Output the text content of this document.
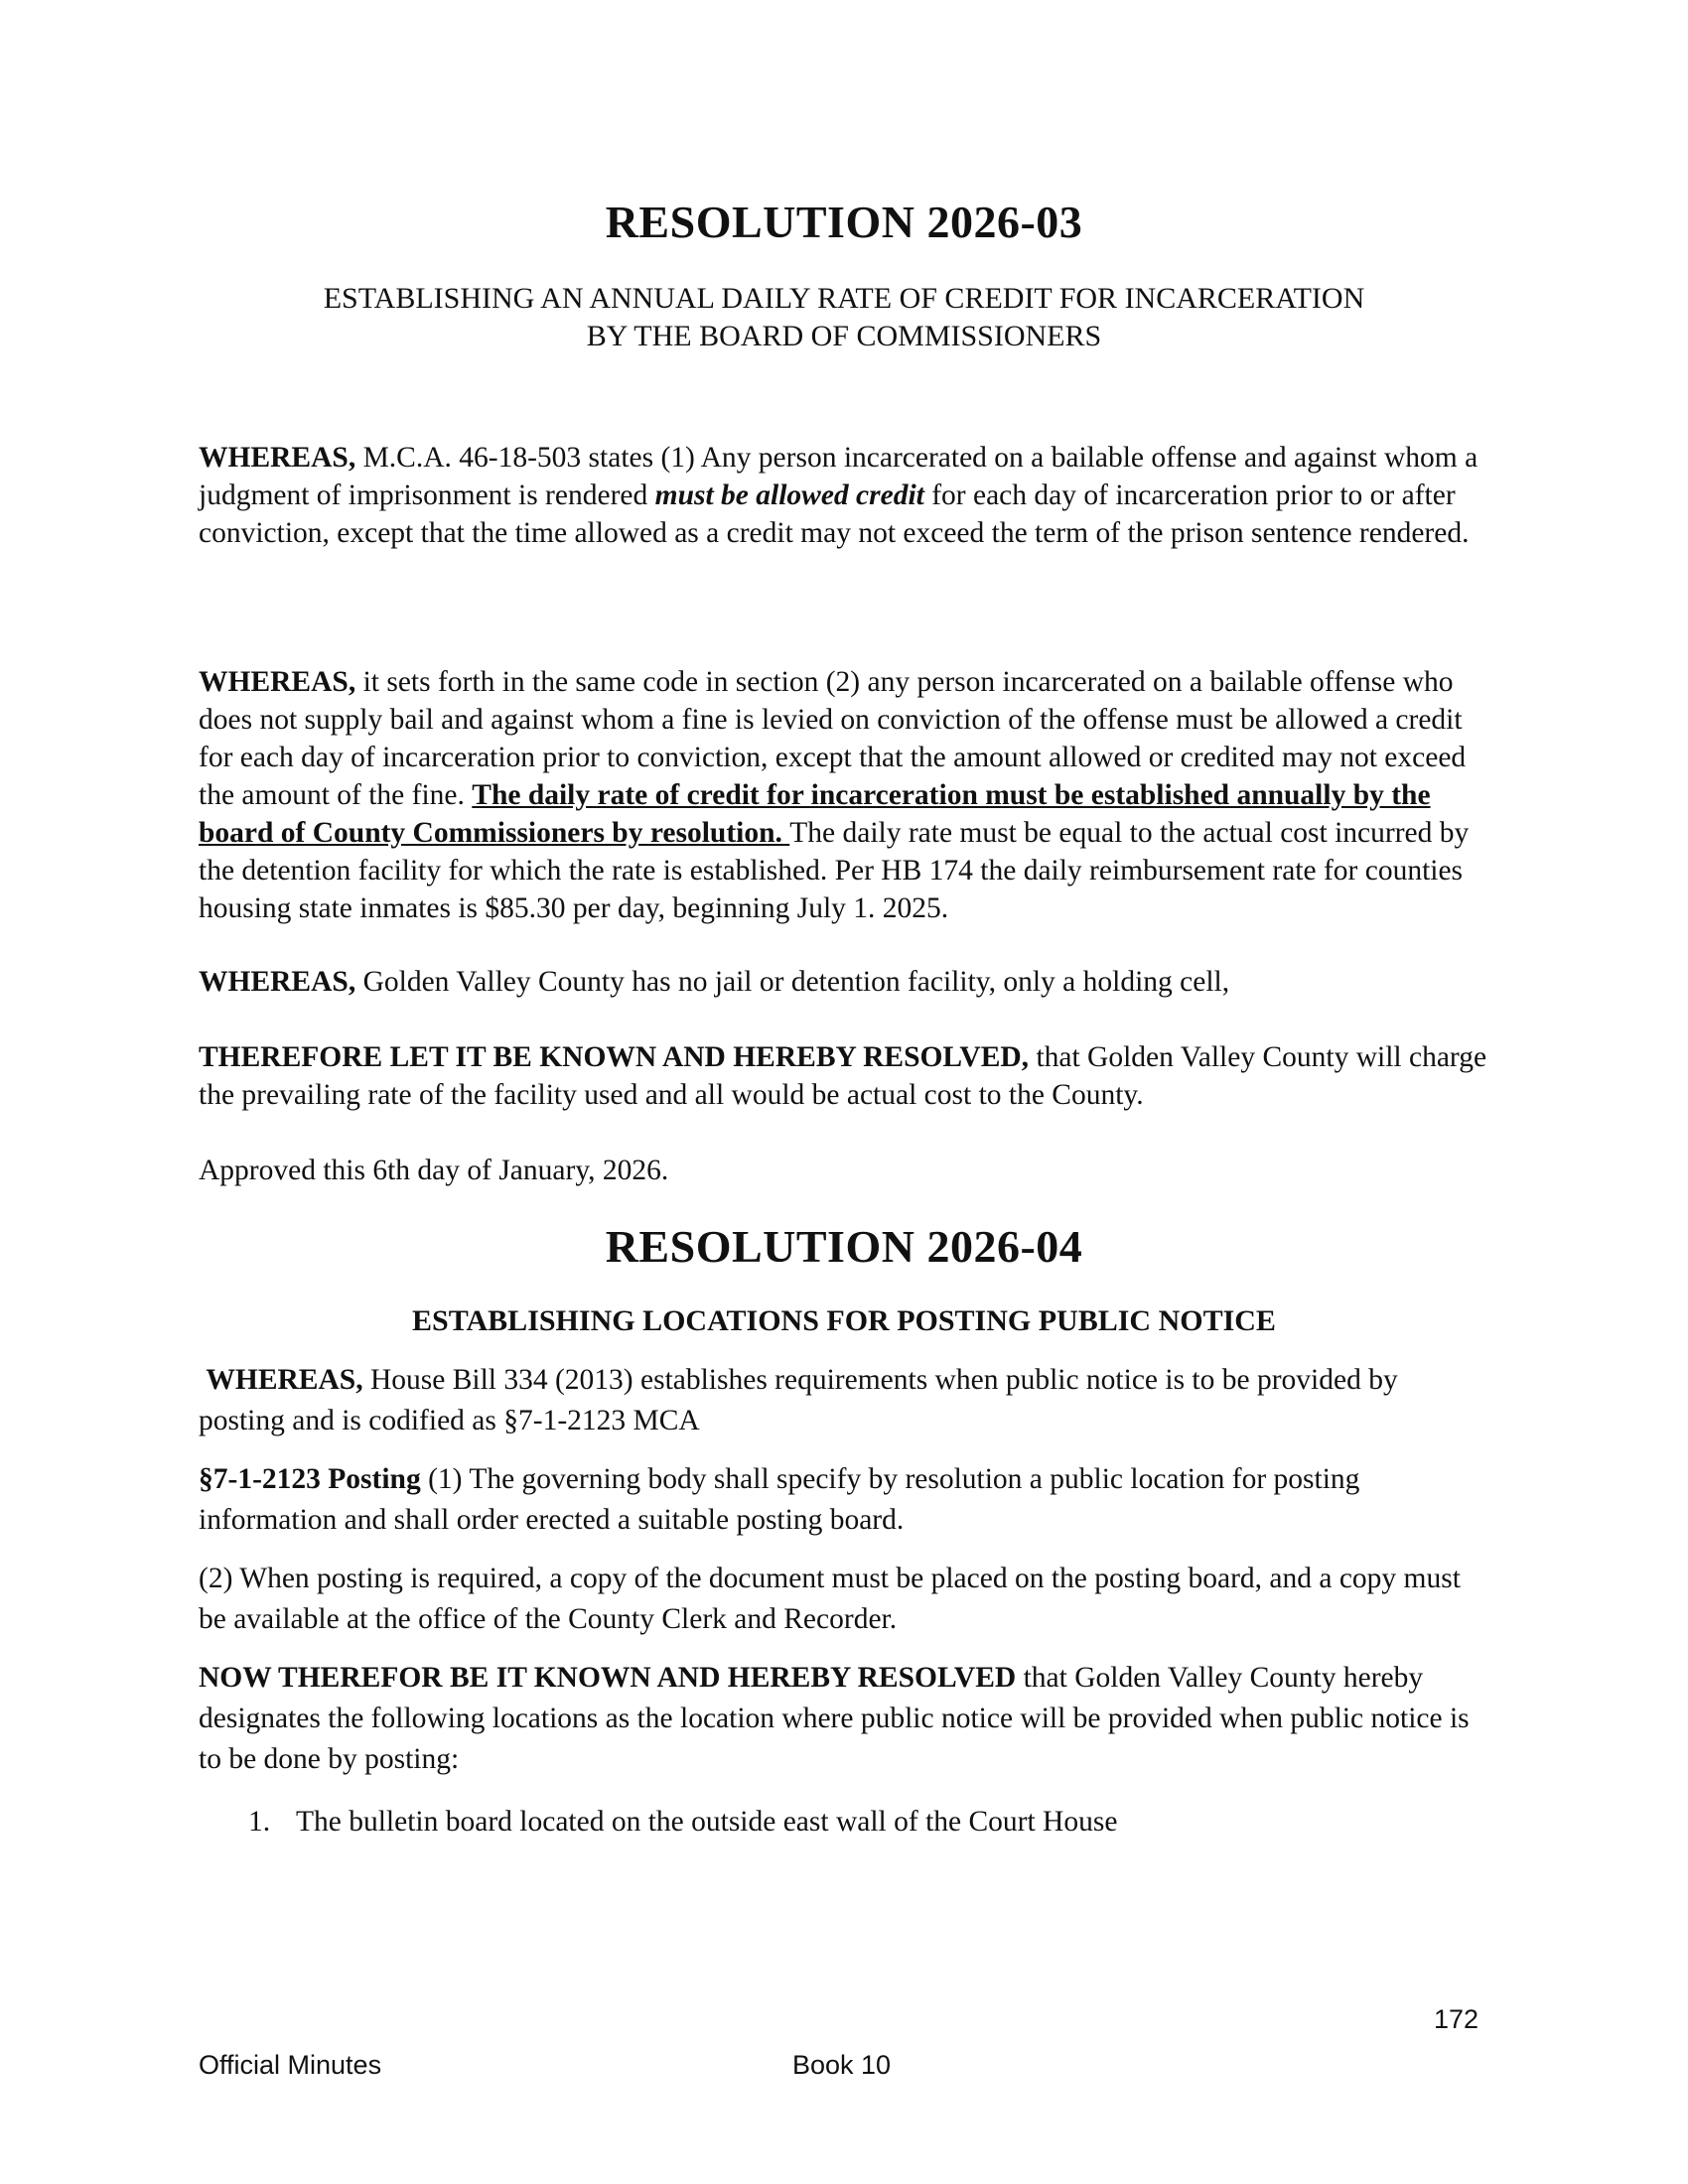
RESOLUTION 2026-03
ESTABLISHING AN ANNUAL DAILY RATE OF CREDIT FOR INCARCERATION
BY THE BOARD OF COMMISSIONERS

WHEREAS, M.C.A. 46-18-503 states (1) Any person incarcerated on a bailable offense and against whom a judgment of imprisonment is rendered must be allowed credit for each day of incarceration prior to or after conviction, except that the time allowed as a credit may not exceed the term of the prison sentence rendered.

WHEREAS, it sets forth in the same code in section (2) any person incarcerated on a bailable offense who does not supply bail and against whom a fine is levied on conviction of the offense must be allowed a credit for each day of incarceration prior to conviction, except that the amount allowed or credited may not exceed the amount of the fine. The daily rate of credit for incarceration must be established annually by the board of County Commissioners by resolution. The daily rate must be equal to the actual cost incurred by the detention facility for which the rate is established. Per HB 174 the daily reimbursement rate for counties housing state inmates is $85.30 per day, beginning July 1. 2025.

WHEREAS, Golden Valley County has no jail or detention facility, only a holding cell,

THEREFORE LET IT BE KNOWN AND HEREBY RESOLVED, that Golden Valley County will charge the prevailing rate of the facility used and all would be actual cost to the County.

Approved this 6th day of January, 2026.

RESOLUTION 2026-04
ESTABLISHING LOCATIONS FOR POSTING PUBLIC NOTICE

WHEREAS, House Bill 334 (2013) establishes requirements when public notice is to be provided by posting and is codified as §7-1-2123 MCA

§7-1-2123 Posting (1) The governing body shall specify by resolution a public location for posting information and shall order erected a suitable posting board.

(2) When posting is required, a copy of the document must be placed on the posting board, and a copy must be available at the office of the County Clerk and Recorder.

NOW THEREFOR BE IT KNOWN AND HEREBY RESOLVED that Golden Valley County hereby designates the following locations as the location where public notice will be provided when public notice is to be done by posting:

1. The bulletin board located on the outside east wall of the Court House
172
Official Minutes	Book 10
